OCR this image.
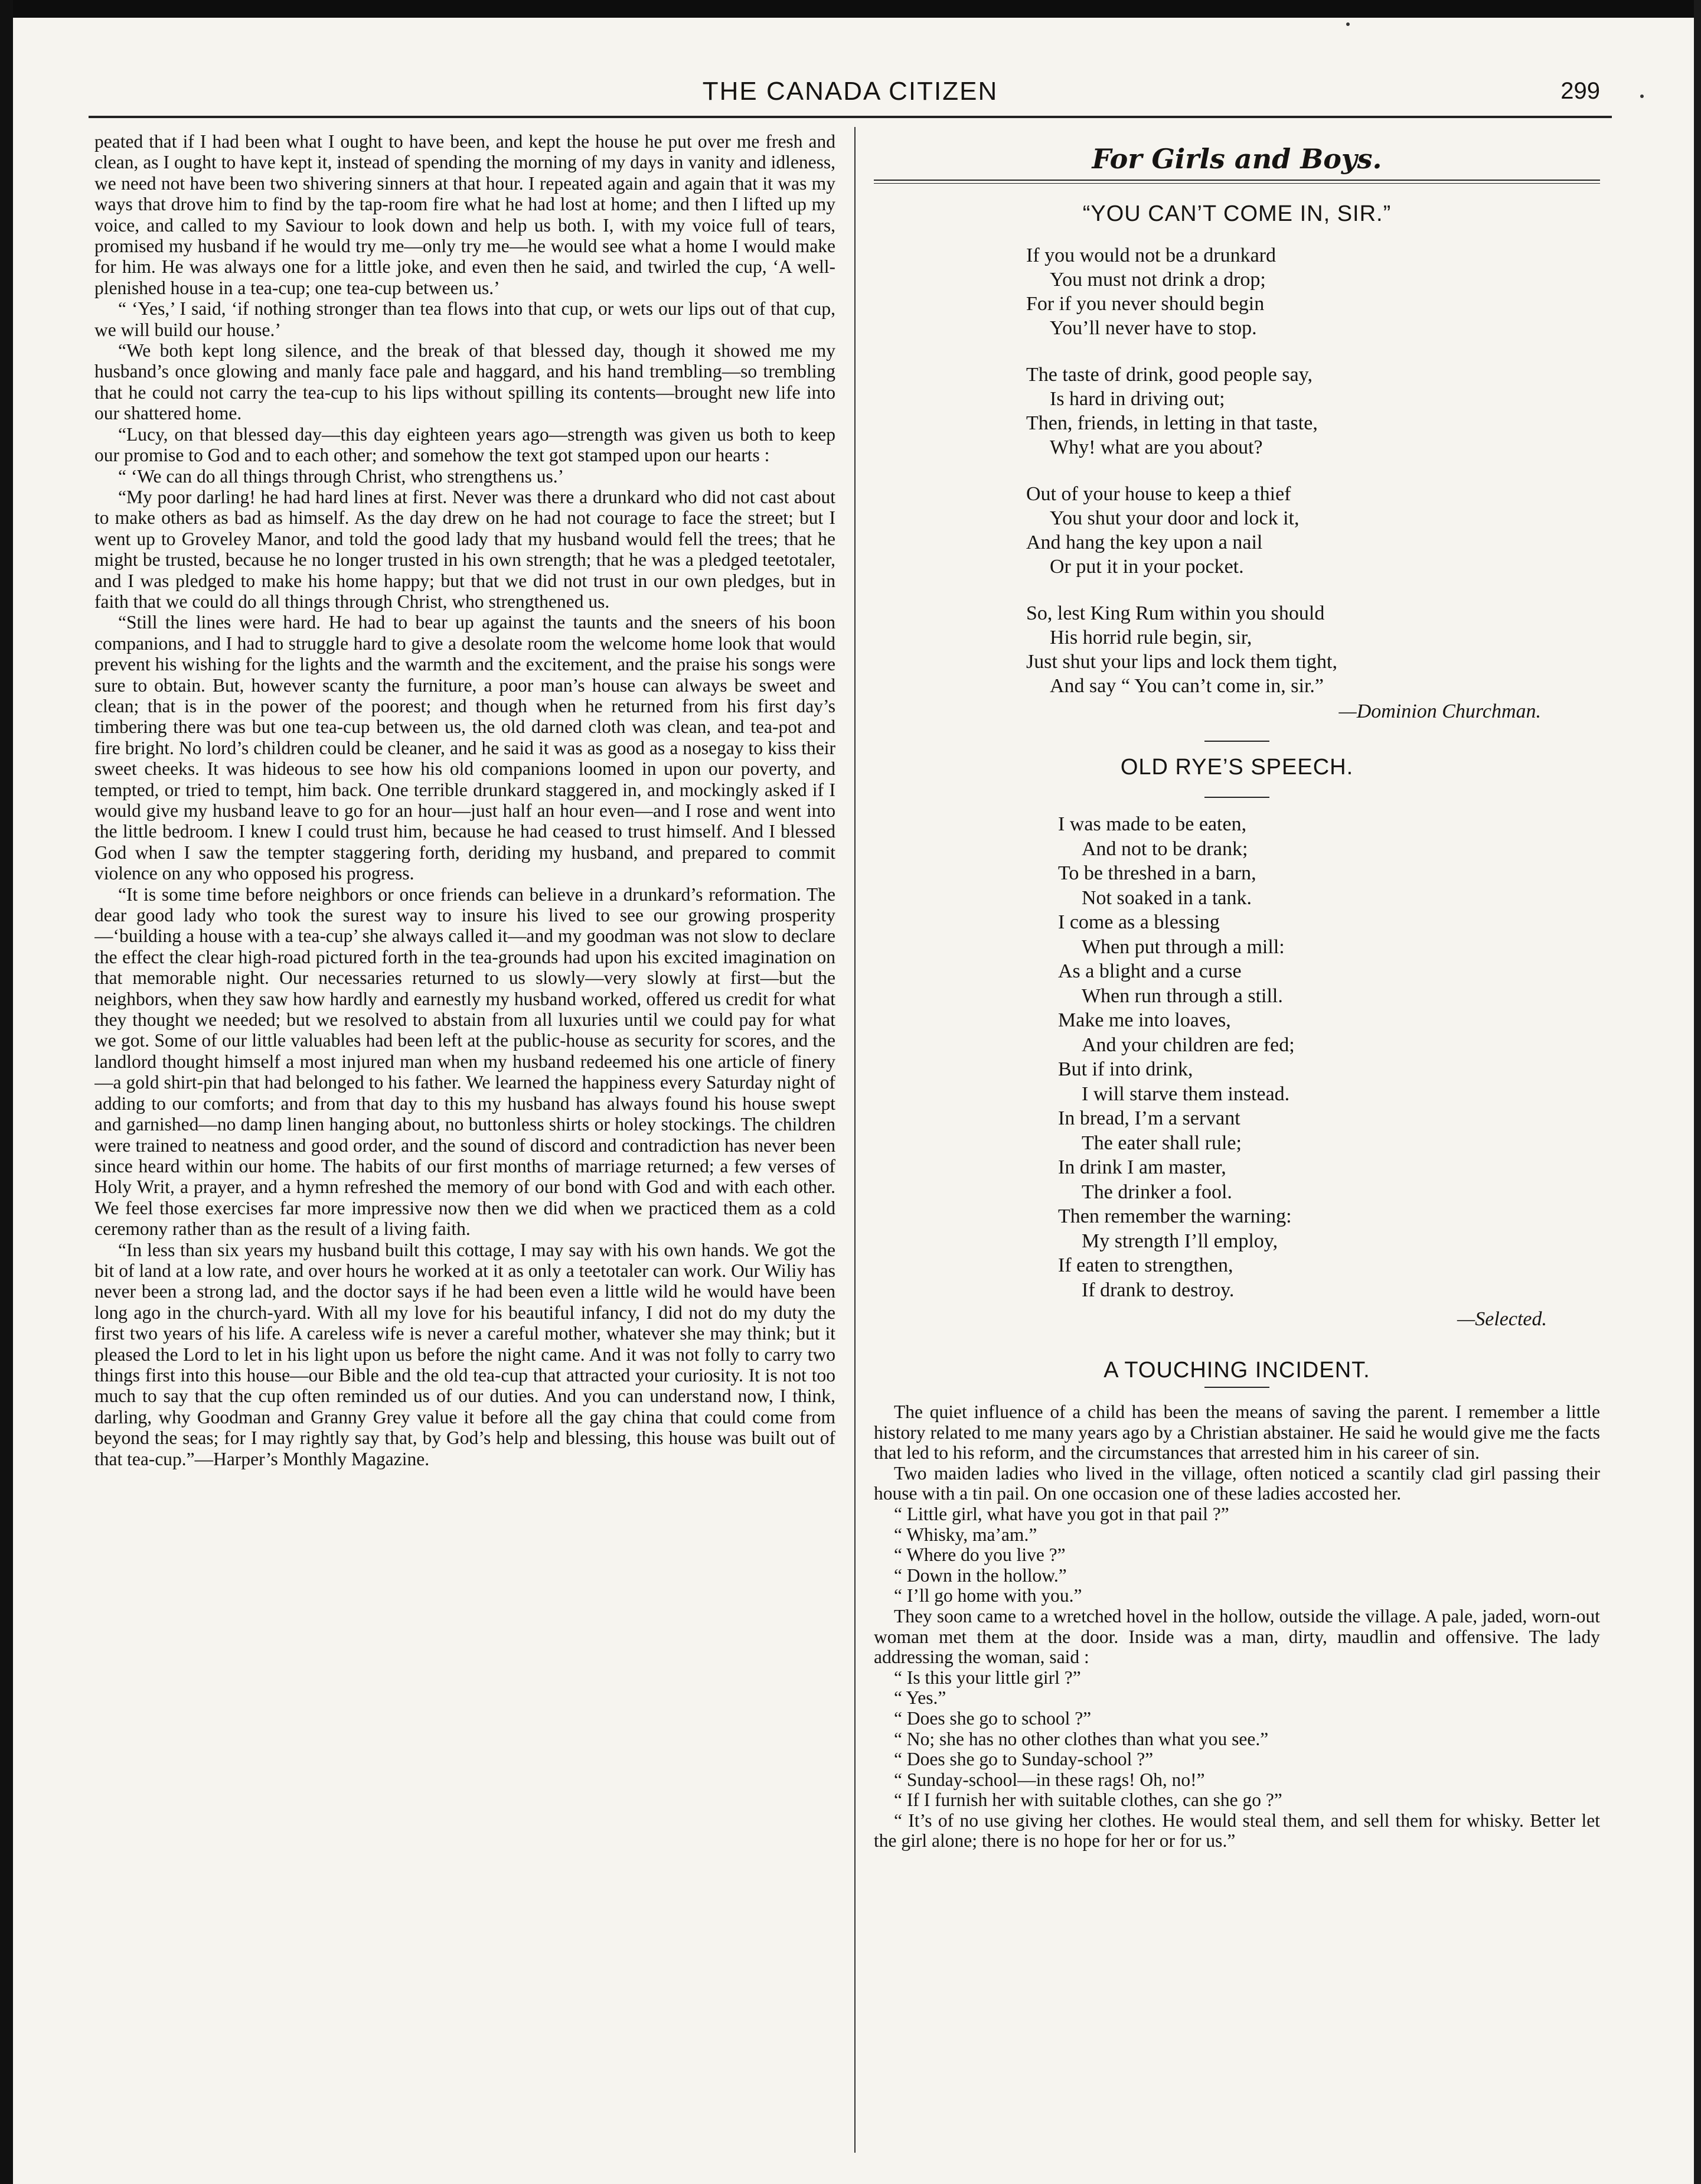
THE CANADA CITIZEN	299

peated that if I had been what I ought to have been, and kept the house he put over me fresh and clean, as I ought to have kept it, instead of spending the morning of my days in vanity and idleness, we need not have been two shivering sinners at that hour. I repeated again and again that it was my ways that drove him to find by the tap-room fire what he had lost at home; and then I lifted up my voice, and called to my Saviour to look down and help us both. I, with my voice full of tears, promised my husband if he would try me—only try me—he would see what a home I would make for him. He was always one for a little joke, and even then he said, and twirled the cup, ‘A well-plenished house in a tea-cup; one tea-cup between us.’

“ ‘Yes,’ I said, ‘if nothing stronger than tea flows into that cup, or wets our lips out of that cup, we will build our house.’

“We both kept long silence, and the break of that blessed day, though it showed me my husband’s once glowing and manly face pale and haggard, and his hand trembling—so trembling that he could not carry the tea-cup to his lips without spilling its contents—brought new life into our shattered home.

“Lucy, on that blessed day—this day eighteen years ago—strength was given us both to keep our promise to God and to each other; and somehow the text got stamped upon our hearts :

“ ‘We can do all things through Christ, who strengthens us.’

“My poor darling! he had hard lines at first. Never was there a drunkard who did not cast about to make others as bad as himself. As the day drew on he had not courage to face the street; but I went up to Groveley Manor, and told the good lady that my husband would fell the trees; that he might be trusted, because he no longer trusted in his own strength; that he was a pledged teetotaler, and I was pledged to make his home happy; but that we did not trust in our own pledges, but in faith that we could do all things through Christ, who strengthened us.

“Still the lines were hard. He had to bear up against the taunts and the sneers of his boon companions, and I had to struggle hard to give a desolate room the welcome home look that would prevent his wishing for the lights and the warmth and the excitement, and the praise his songs were sure to obtain. But, however scanty the furniture, a poor man’s house can always be sweet and clean; that is in the power of the poorest; and though when he returned from his first day’s timbering there was but one tea-cup between us, the old darned cloth was clean, and tea-pot and fire bright. No lord’s children could be cleaner, and he said it was as good as a nosegay to kiss their sweet cheeks. It was hideous to see how his old companions loomed in upon our poverty, and tempted, or tried to tempt, him back. One terrible drunkard staggered in, and mockingly asked if I would give my husband leave to go for an hour—just half an hour even—and I rose and went into the little bedroom. I knew I could trust him, because he had ceased to trust himself. And I blessed God when I saw the tempter staggering forth, deriding my husband, and prepared to commit violence on any who opposed his progress.

“It is some time before neighbors or once friends can believe in a drunkard’s reformation. The dear good lady who took the surest way to insure his lived to see our growing prosperity—‘building a house with a tea-cup’ she always called it—and my goodman was not slow to declare the effect the clear high-road pictured forth in the tea-grounds had upon his excited imagination on that memorable night. Our necessaries returned to us slowly—very slowly at first—but the neighbors, when they saw how hardly and earnestly my husband worked, offered us credit for what they thought we needed; but we resolved to abstain from all luxuries until we could pay for what we got. Some of our little valuables had been left at the public-house as security for scores, and the landlord thought himself a most injured man when my husband redeemed his one article of finery—a gold shirt-pin that had belonged to his father. We learned the happiness every Saturday night of adding to our comforts; and from that day to this my husband has always found his house swept and garnished—no damp linen hanging about, no buttonless shirts or holey stockings. The children were trained to neatness and good order, and the sound of discord and contradiction has never been since heard within our home. The habits of our first months of marriage returned; a few verses of Holy Writ, a prayer, and a hymn refreshed the memory of our bond with God and with each other. We feel those exercises far more impressive now then we did when we practiced them as a cold ceremony rather than as the result of a living faith.

“In less than six years my husband built this cottage, I may say with his own hands. We got the bit of land at a low rate, and over hours he worked at it as only a teetotaler can work. Our Wiliy has never been a strong lad, and the doctor says if he had been even a little wild he would have been long ago in the church-yard. With all my love for his beautiful infancy, I did not do my duty the first two years of his life. A careless wife is never a careful mother, whatever she may think; but it pleased the Lord to let in his light upon us before the night came. And it was not folly to carry two things first into this house—our Bible and the old tea-cup that attracted your curiosity. It is not too much to say that the cup often reminded us of our duties. And you can understand now, I think, darling, why Goodman and Granny Grey value it before all the gay china that could come from beyond the seas; for I may rightly say that, by God’s help and blessing, this house was built out of that tea-cup.”—Harper’s Monthly Magazine.

For Girls and Boys.
“YOU CAN’T COME IN, SIR.”
If you would not be a drunkard
You must not drink a drop;
For if you never should begin
You’ll never have to stop.
The taste of drink, good people say,
Is hard in driving out;
Then, friends, in letting in that taste,
Why! what are you about?
Out of your house to keep a thief
You shut your door and lock it,
And hang the key upon a nail
Or put it in your pocket.
So, lest King Rum within you should
His horrid rule begin, sir,
Just shut your lips and lock them tight,
And say “ You can’t come in, sir.”
—Dominion Churchman.
OLD RYE’S SPEECH.
I was made to be eaten,
And not to be drank;
To be threshed in a barn,
Not soaked in a tank.
I come as a blessing
When put through a mill:
As a blight and a curse
When run through a still.
Make me into loaves,
And your children are fed;
But if into drink,
I will starve them instead.
In bread, I’m a servant
The eater shall rule;
In drink I am master,
The drinker a fool.
Then remember the warning:
My strength I’ll employ,
If eaten to strengthen,
If drank to destroy.
—Selected.
A TOUCHING INCIDENT.

The quiet influence of a child has been the means of saving the parent. I remember a little history related to me many years ago by a Christian abstainer. He said he would give me the facts that led to his reform, and the circumstances that arrested him in his career of sin.

Two maiden ladies who lived in the village, often noticed a scantily clad girl passing their house with a tin pail. On one occasion one of these ladies accosted her.

“ Little girl, what have you got in that pail ?”

“ Whisky, ma’am.”

“ Where do you live ?”

“ Down in the hollow.”

“ I’ll go home with you.”

They soon came to a wretched hovel in the hollow, outside the village. A pale, jaded, worn-out woman met them at the door. Inside was a man, dirty, maudlin and offensive. The lady addressing the woman, said :

“ Is this your little girl ?”

“ Yes.”

“ Does she go to school ?”

“ No; she has no other clothes than what you see.”

“ Does she go to Sunday-school ?”

“ Sunday-school—in these rags! Oh, no!”

“ If I furnish her with suitable clothes, can she go ?”

“ It’s of no use giving her clothes. He would steal them, and sell them for whisky. Better let the girl alone; there is no hope for her or for us.”
